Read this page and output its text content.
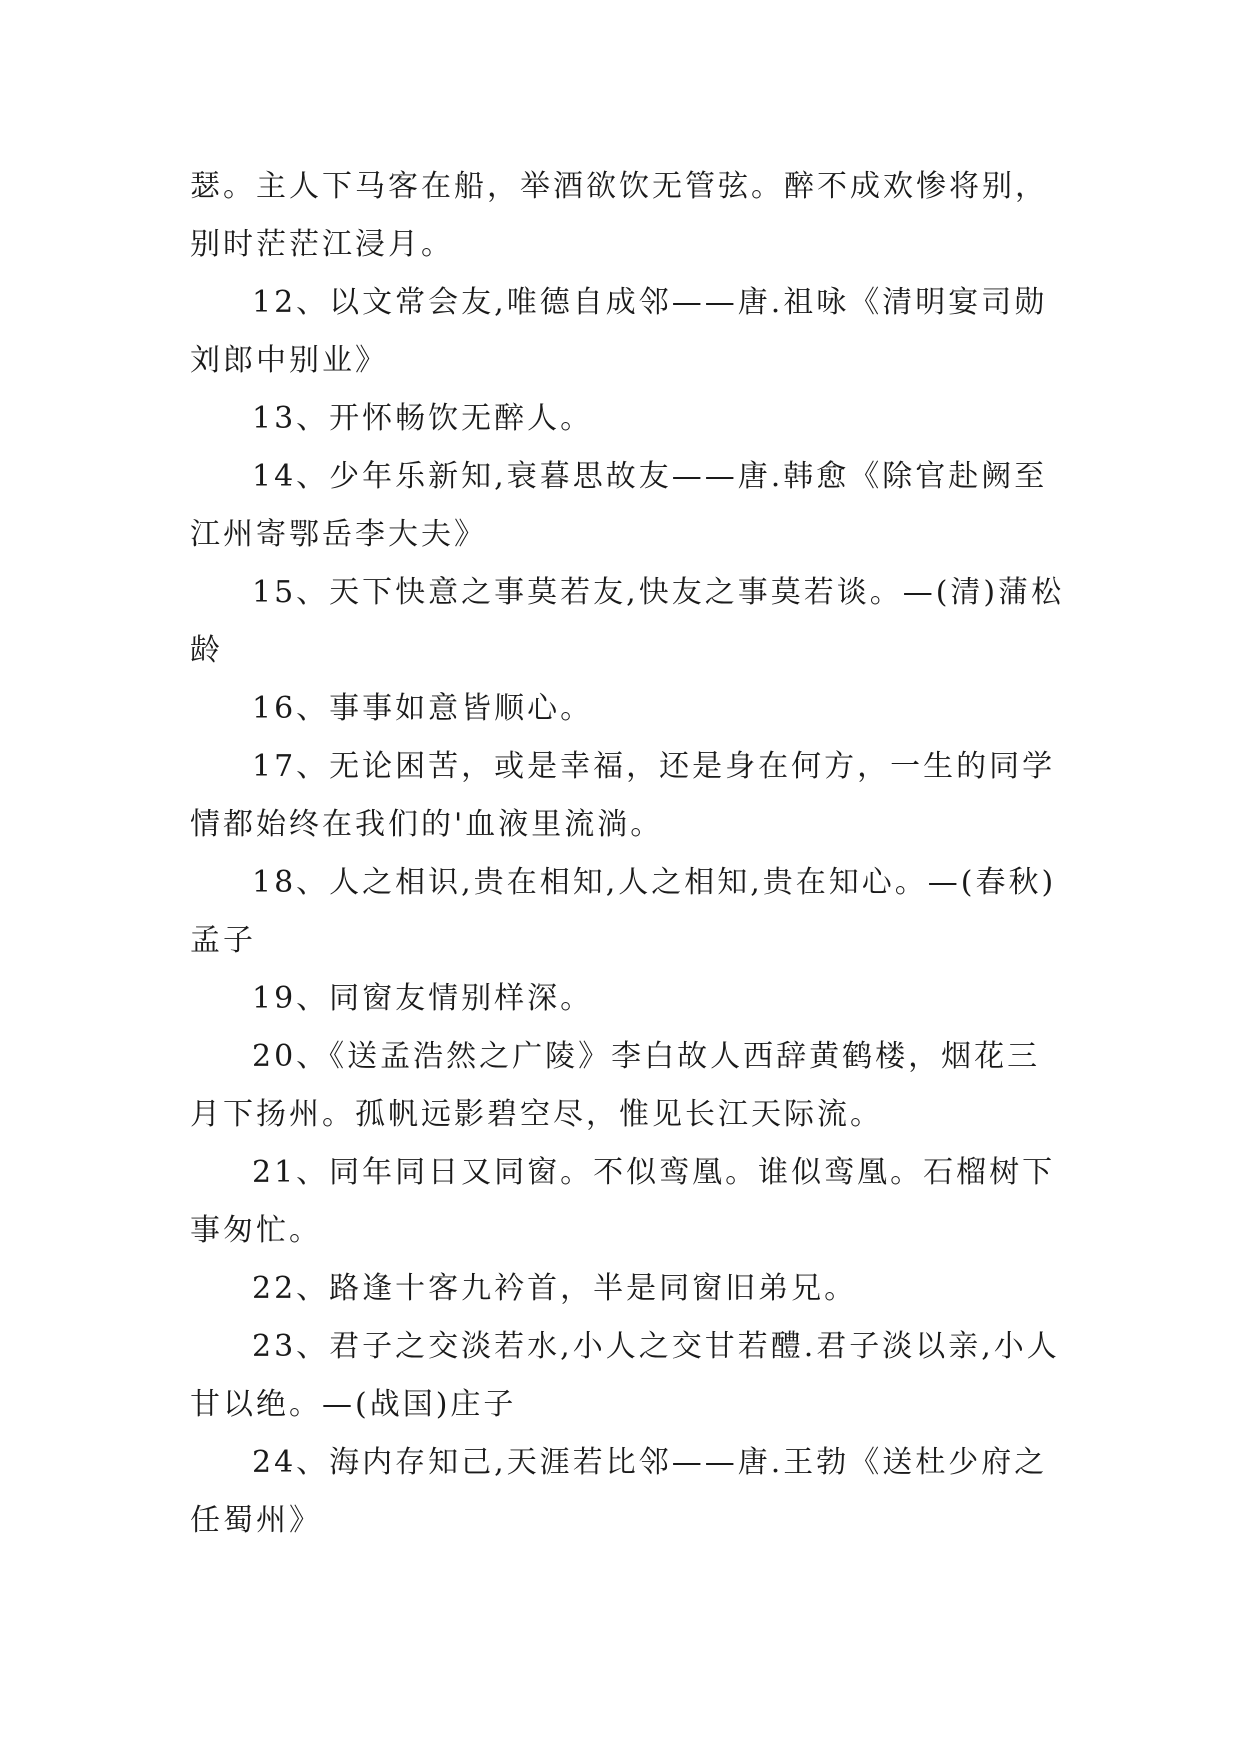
瑟。主人下马客在船，举酒欲饮无管弦。醉不成欢惨将别，别时茫茫江浸月。

12、以文常会友,唯德自成邻——唐.祖咏《清明宴司勋刘郎中别业》

13、开怀畅饮无醉人。

14、少年乐新知,衰暮思故友——唐.韩愈《除官赴阙至江州寄鄂岳李大夫》

15、天下快意之事莫若友,快友之事莫若谈。—(清)蒲松龄

16、事事如意皆顺心。

17、无论困苦，或是幸福，还是身在何方，一生的同学情都始终在我们的'血液里流淌。

18、人之相识,贵在相知,人之相知,贵在知心。—(春秋)孟子

19、同窗友情别样深。

20、《送孟浩然之广陵》李白故人西辞黄鹤楼，烟花三月下扬州。孤帆远影碧空尽，惟见长江天际流。

21、同年同日又同窗。不似鸾凰。谁似鸾凰。石榴树下事匆忙。

22、路逢十客九衿首，半是同窗旧弟兄。

23、君子之交淡若水,小人之交甘若醴.君子淡以亲,小人甘以绝。—(战国)庄子

24、海内存知己,天涯若比邻——唐.王勃《送杜少府之任蜀州》
